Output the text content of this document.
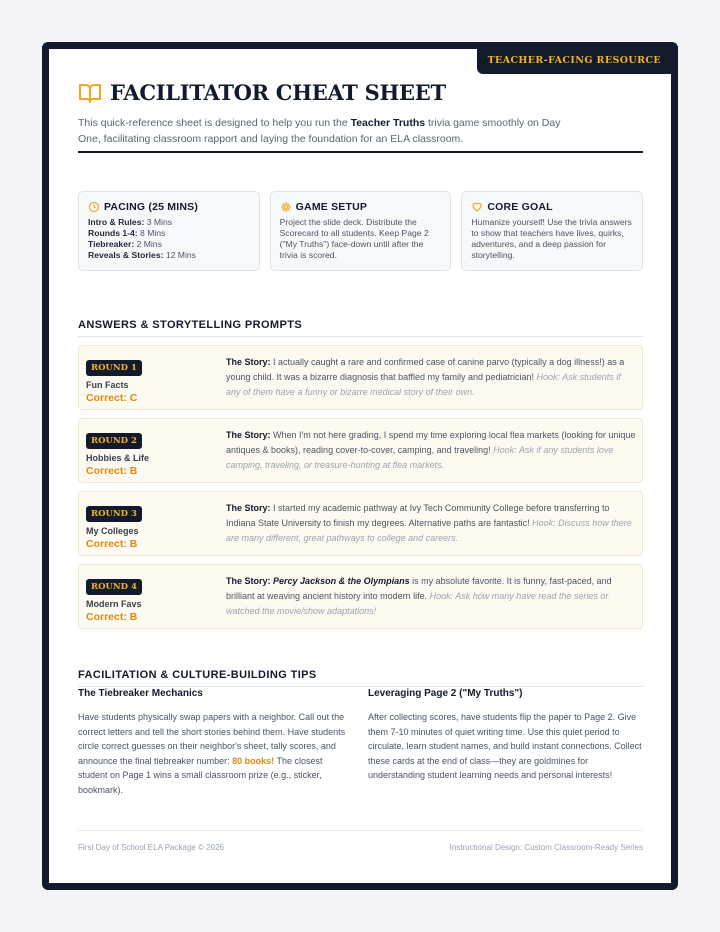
TEACHER-FACING RESOURCE
FACILITATOR CHEAT SHEET

This quick-reference sheet is designed to help you run the Teacher Truths trivia game smoothly on Day One, facilitating classroom rapport and laying the foundation for an ELA classroom.

PACING (25 MINS)
Intro & Rules: 3 Mins
Rounds 1-4: 8 Mins
Tiebreaker: 2 Mins
Reveals & Stories: 12 Mins
GAME SETUP
Project the slide deck. Distribute the Scorecard to all students. Keep Page 2 ("My Truths") face-down until after the trivia is scored.
CORE GOAL
Humanize yourself! Use the trivia answers to show that teachers have lives, quirks, adventures, and a deep passion for storytelling.
ANSWERS & STORYTELLING PROMPTS
ROUND 1
Fun Facts
Correct: C
The Story: I actually caught a rare and confirmed case of canine parvo (typically a dog illness!) as a young child. It was a bizarre diagnosis that baffled my family and pediatrician! Hook: Ask students if any of them have a funny or bizarre medical story of their own.
ROUND 2
Hobbies & Life
Correct: B
The Story: When I'm not here grading, I spend my time exploring local flea markets (looking for unique antiques & books), reading cover-to-cover, camping, and traveling! Hook: Ask if any students love camping, traveling, or treasure-hunting at flea markets.
ROUND 3
My Colleges
Correct: B
The Story: I started my academic pathway at Ivy Tech Community College before transferring to Indiana State University to finish my degrees. Alternative paths are fantastic! Hook: Discuss how there are many different, great pathways to college and careers.
ROUND 4
Modern Favs
Correct: B
The Story: Percy Jackson & the Olympians is my absolute favorite. It is funny, fast-paced, and brilliant at weaving ancient history into modern life. Hook: Ask how many have read the series or watched the movie/show adaptations!
FACILITATION & CULTURE-BUILDING TIPS
The Tiebreaker Mechanics
Have students physically swap papers with a neighbor. Call out the correct letters and tell the short stories behind them. Have students circle correct guesses on their neighbor's sheet, tally scores, and announce the final tiebreaker number: 80 books! The closest student on Page 1 wins a small classroom prize (e.g., sticker, bookmark).
Leveraging Page 2 ("My Truths")
After collecting scores, have students flip the paper to Page 2. Give them 7-10 minutes of quiet writing time. Use this quiet period to circulate, learn student names, and build instant connections. Collect these cards at the end of class—they are goldmines for understanding student learning needs and personal interests!
First Day of School ELA Package © 2026	Instructional Design: Custom Classroom-Ready Series
